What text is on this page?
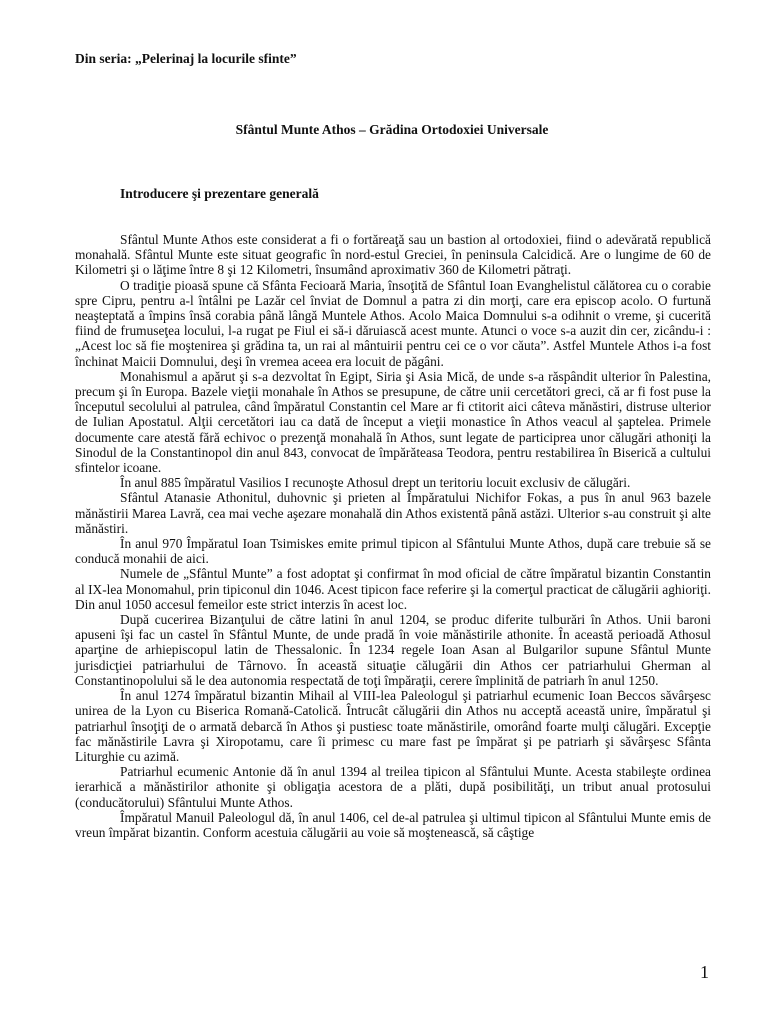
Din seria: „Pelerinaj la locurile sfinte”
Sfântul Munte Athos – Grădina Ortodoxiei Universale
Introducere şi prezentare generală

Sfântul Munte Athos este considerat a fi o fortăreaţă sau un bastion al ortodoxiei, fiind o adevărată republică monahală. Sfântul Munte este situat geografic în nord-estul Greciei, în peninsula Calcidică. Are o lungime de 60 de Kilometri şi o lăţime între 8 şi 12 Kilometri, însumând aproximativ 360 de Kilometri pătraţi.

O tradiţie pioasă spune că Sfânta Fecioară Maria, însoţită de Sfântul Ioan Evanghelistul călătorea cu o corabie spre Cipru, pentru a-l întâlni pe Lazăr cel înviat de Domnul a patra zi din morţi, care era episcop acolo. O furtună neaşteptată a împins însă corabia până lângă Muntele Athos. Acolo Maica Domnului s-a odihnit o vreme, şi cucerită fiind de frumuseţea locului, l-a rugat pe Fiul ei să-i dăruiască acest munte. Atunci o voce s-a auzit din cer, zicându-i : „Acest loc să fie moştenirea şi grădina ta, un rai al mântuirii pentru cei ce o vor căuta”. Astfel Muntele Athos i-a fost închinat Maicii Domnului, deşi în vremea aceea era locuit de păgâni.

Monahismul a apărut şi s-a dezvoltat în Egipt, Siria şi Asia Mică, de unde s-a răspândit ulterior în Palestina, precum şi în Europa. Bazele vieţii monahale în Athos se presupune, de către unii cercetători greci, că ar fi fost puse la începutul secolului al patrulea, când împăratul Constantin cel Mare ar fi ctitorit aici câteva mănăstiri, distruse ulterior de Iulian Apostatul. Alţii cercetători iau ca dată de început a vieţii monastice în Athos veacul al şaptelea. Primele documente care atestă fără echivoc o prezenţă monahală în Athos, sunt legate de participrea unor călugări athoniţi la Sinodul de la Constantinopol din anul 843, convocat de împărăteasa Teodora, pentru restabilirea în Biserică a cultului sfintelor icoane.

În anul 885 împăratul Vasilios I recunoşte Athosul drept un teritoriu locuit exclusiv de călugări.

Sfântul Atanasie Athonitul, duhovnic şi prieten al Împăratului Nichifor Fokas, a pus în anul 963 bazele mănăstirii Marea Lavră, cea mai veche aşezare monahală din Athos existentă până astăzi. Ulterior s-au construit şi alte mănăstiri.

În anul 970 Împăratul Ioan Tsimiskes emite primul tipicon al Sfântului Munte Athos, după care trebuie să se conducă monahii de aici.

Numele de „Sfântul Munte” a fost adoptat şi confirmat în mod oficial de către împăratul bizantin Constantin al IX-lea Monomahul, prin tipiconul din 1046. Acest tipicon face referire şi la comerţul practicat de călugării aghioriţi. Din anul 1050 accesul femeilor este strict interzis în acest loc.

După cucerirea Bizanţului de către latini în anul 1204, se produc diferite tulburări în Athos. Unii baroni apuseni îşi fac un castel în Sfântul Munte, de unde pradă în voie mănăstirile athonite. În această perioadă Athosul aparţine de arhiepiscopul latin de Thessalonic. În 1234 regele Ioan Asan al Bulgarilor supune Sfântul Munte jurisdicţiei patriarhului de Târnovo. În această situaţie călugării din Athos cer patriarhului Gherman al Constantinopolului să le dea autonomia respectată de toţi împăraţii, cerere împlinită de patriarh în anul 1250.

În anul 1274 împăratul bizantin Mihail al VIII-lea Paleologul şi patriarhul ecumenic Ioan Beccos săvârşesc unirea de la Lyon cu Biserica Romană-Catolică. Întrucât călugării din Athos nu acceptă această unire, împăratul şi patriarhul însoţiţi de o armată debarcă în Athos şi pustiesc toate mănăstirile, omorând foarte mulţi călugări. Excepţie fac mănăstirile Lavra şi Xiropotamu, care îi primesc cu mare fast pe împărat şi pe patriarh şi săvârşesc Sfânta Liturghie cu azimă.

Patriarhul ecumenic Antonie dă în anul 1394 al treilea tipicon al Sfântului Munte. Acesta stabileşte ordinea ierarhică a mănăstirilor athonite şi obligaţia acestora de a plăti, după posibilităţi, un tribut anual protosului (conducătorului) Sfântului Munte Athos.

Împăratul Manuil Paleologul dă, în anul 1406, cel de-al patrulea şi ultimul tipicon al Sfântului Munte emis de vreun împărat bizantin. Conform acestuia călugării au voie să moştenească, să câştige

1
